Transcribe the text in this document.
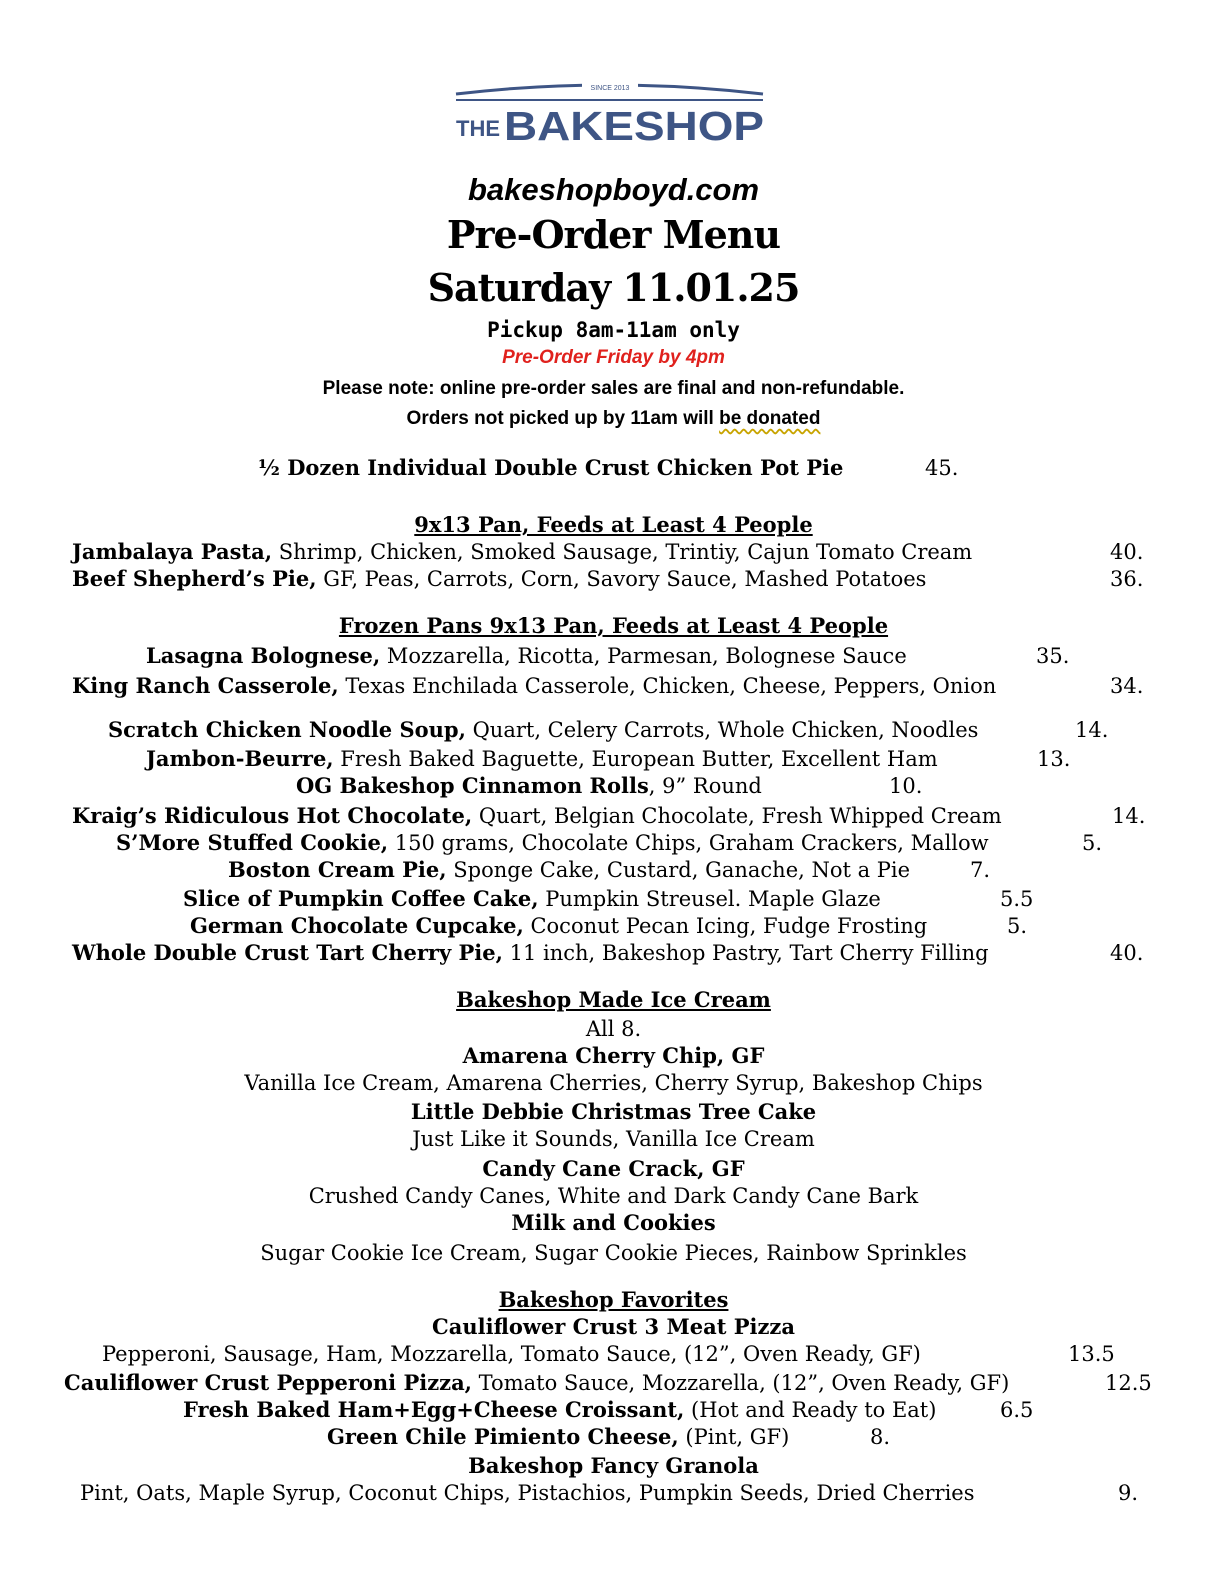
SINCE 2013
THE BAKESHOP
bakeshopboyd.com
Pre-Order Menu
Saturday 11.01.25
Pickup 8am-11am only
Pre-Order Friday by 4pm
Please note: online pre-order sales are final and non-refundable.
Orders not picked up by 11am will be donated
½ Dozen Individual Double Crust Chicken Pot Pie	45.
9x13 Pan, Feeds at Least 4 People
Jambalaya Pasta, Shrimp, Chicken, Smoked Sausage, Trintiy, Cajun Tomato Cream	40.
Beef Shepherd’s Pie, GF, Peas, Carrots, Corn, Savory Sauce, Mashed Potatoes	36.
Frozen Pans 9x13 Pan, Feeds at Least 4 People
Lasagna Bolognese, Mozzarella, Ricotta, Parmesan, Bolognese Sauce	35.
King Ranch Casserole, Texas Enchilada Casserole, Chicken, Cheese, Peppers, Onion	34.
Scratch Chicken Noodle Soup, Quart, Celery Carrots, Whole Chicken, Noodles	14.
Jambon-Beurre, Fresh Baked Baguette, European Butter, Excellent Ham	13.
OG Bakeshop Cinnamon Rolls, 9” Round	10.
Kraig’s Ridiculous Hot Chocolate, Quart, Belgian Chocolate, Fresh Whipped Cream	14.
S’More Stuffed Cookie, 150 grams, Chocolate Chips, Graham Crackers, Mallow	5.
Boston Cream Pie, Sponge Cake, Custard, Ganache, Not a Pie	7.
Slice of Pumpkin Coffee Cake, Pumpkin Streusel. Maple Glaze	5.5
German Chocolate Cupcake, Coconut Pecan Icing, Fudge Frosting	5.
Whole Double Crust Tart Cherry Pie, 11 inch, Bakeshop Pastry, Tart Cherry Filling	40.
Bakeshop Made Ice Cream
All 8.
Amarena Cherry Chip, GF
Vanilla Ice Cream, Amarena Cherries, Cherry Syrup, Bakeshop Chips
Little Debbie Christmas Tree Cake
Just Like it Sounds, Vanilla Ice Cream
Candy Cane Crack, GF
Crushed Candy Canes, White and Dark Candy Cane Bark
Milk and Cookies
Sugar Cookie Ice Cream, Sugar Cookie Pieces, Rainbow Sprinkles
Bakeshop Favorites
Cauliflower Crust 3 Meat Pizza
Pepperoni, Sausage, Ham, Mozzarella, Tomato Sauce, (12”, Oven Ready, GF)	13.5
Cauliflower Crust Pepperoni Pizza, Tomato Sauce, Mozzarella, (12”, Oven Ready, GF)	12.5
Fresh Baked Ham+Egg+Cheese Croissant, (Hot and Ready to Eat)	6.5
Green Chile Pimiento Cheese, (Pint, GF)	8.
Bakeshop Fancy Granola
Pint, Oats, Maple Syrup, Coconut Chips, Pistachios, Pumpkin Seeds, Dried Cherries	9.
